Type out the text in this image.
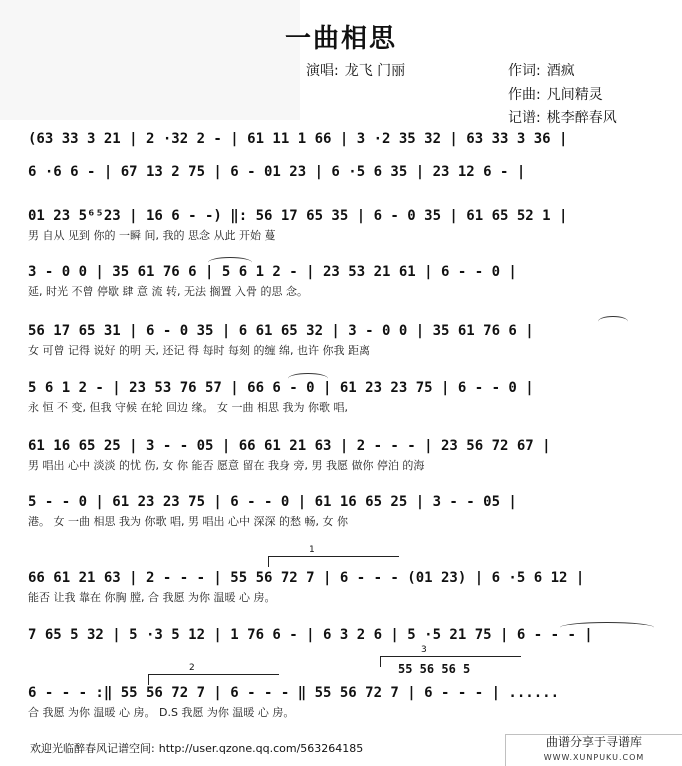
一曲相思
演唱: 龙飞 门丽	作词: 酒疯
作曲: 凡间精灵
记谱: 桃李醉春风
(63 33 3 21 | 2 ·32 2 - | 61 11 1 66 | 3 ·2 35 32 | 63 33 3 36 |
6 ·6 6 - | 67 13 2 75 | 6 - 01 23 | 6 ·5 6 35 | 23 12 6 - |
01 23 5⁶⁵23 | 16 6 - -) ‖: 56 17 65 35 | 6 - 0 35 | 61 65 52 1 |
男 自从 见到 你的 一瞬 间, 我的 思念 从此 开始 蔓
3 - 0 0 | 35 61 76 6 | 5 6 1 2 - | 23 53 21 61 | 6 - - 0 |
延, 时光 不曾 停歇 肆 意 流 转, 无法 搁置 入骨 的思 念。
56 17 65 31 | 6 - 0 35 | 6 61 65 32 | 3 - 0 0 | 35 61 76 6 |
女 可曾 记得 说好 的明 天, 还记 得 每时 每刻 的缠 绵, 也许 你我 距离
5 6 1 2 - | 23 53 76 57 | 66 6 - 0 | 61 23 23 75 | 6 - - 0 |
永 恒 不 变, 但我 守候 在轮 回边 缘。 女 一曲 相思 我为 你歌 唱,
61 16 65 25 | 3 - - 05 | 66 61 21 63 | 2 - - - | 23 56 72 67 |
男 唱出 心中 淡淡 的忧 伤, 女 你 能否 愿意 留在 我身 旁, 男 我愿 做你 停泊 的海
5 - - 0 | 61 23 23 75 | 6 - - 0 | 61 16 65 25 | 3 - - 05 |
港。 女 一曲 相思 我为 你歌 唱, 男 唱出 心中 深深 的愁 畅, 女 你
66 61 21 63 | 2 - - - | 55 56 72 7 | 6 - - - (01 23) | 6 ·5 6 12 |
能否 让我 靠在 你胸 膛, 合 我愿 为你 温暖 心 房。
7 65 5 32 | 5 ·3 5 12 | 1 76 6 - | 6 3 2 6 | 5 ·5 21 75 | 6 - - - |
6 - - - :‖ 55 56 72 7 | 6 - - - ‖ 55 56 72 7 | 6 - - - | ......
合 我愿 为你 温暖 心 房。 D.S 我愿 为你 温暖 心 房。
1
2
3
55 56 56 5
欢迎光临醉春风记谱空间: http://user.qzone.qq.com/563264185	曲谱分享于寻谱库
WWW.XUNPUKU.COM
